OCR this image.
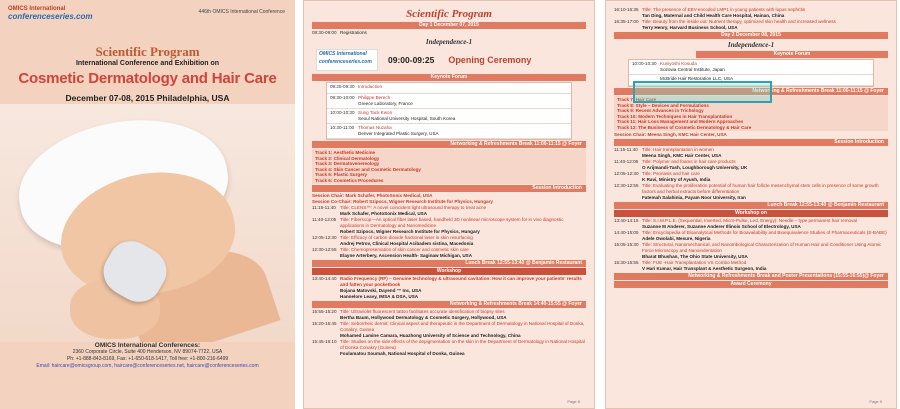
OMICS International
conferenceseries.com	446th OMICS International Conference
Scientific Program
International Conference and Exhibition on
Cosmetic Dermatology and Hair Care
December 07-08, 2015 Philadelphia, USA
OMICS International Conferences:
2360 Corporate Circle, Suite 400 Henderson, NV 89074-7722, USA
Ph: +1-888-843-8169, Fax: +1-650-618-1417, Toll free: +1-800-216-6499
Email: haircare@omicsgroup.com, haircare@conferenceseries.net, haircare@conferenceseries.com
Scientific Program
Day 1 December 07, 2015
08:30-09:00 Registrations
Independence-1
OMICS International
conferenceseries.com	09:00-09:25 Opening Ceremony
Keynote Forum
09:25-09:30 Introduction
09:30-10:00 Philippe Berech
Greece Laboratory, France
10:00-10:30 Sung Tack Kwon
Seoul National University Hospital, South Korea
10:30-11:00 Thomas Nuzaha
Denver Integrated Plastic Surgery, USA
Networking & Refreshments Break 11:00-11:15 @ Foyer
Track 1: Aesthetic Medicine
Track 2: Clinical Dermatology
Track 3: Dermatovenereology
Track 4: Skin Cancer and Cosmetic Dermatology
Track 5: Plastic Surgery
Track 6: Cosmetics Procedures
Session Introduction
Session Chair: Mark Schafer, PhotoSonix Medical, USA
Session Co-Chair: Robert Szipocs, Wigner Research Institute for Physics, Hungary
11:15-11:40 Title: CLENS™: A novel coincident light ultrasound therapy to treat acne
Mark Schafer, PhotoSonix Medical, USA
11:40-12:05 Title: Fiberscop—An optical fiber laser based, handheld 3D nonlinear microscope system for in vivo diagnostic applications in Dermatology and Nanomedicine
Robert Szipocs, Wigner Research Institute for Physics, Hungary
12:05-12:30 Title: Efficacy of carbon dioxide fractional laser in skin resurfacing
Andrej Petrov, Clinical Hospital Acibadem sistina, Macedonia
12:30-12:55 Title: Chemopreservation of skin cancer and cosmetic skin care
Elayne Arterbery, Ascension Health- Saginaw Michigan, USA
Lunch Break 12:55-13:40 @ Benjamin Restaurant
Workshop
13:40-14:40 Radio Frequency (RF) – Genuine technology & ultrasound cavitation: How it can improve your patients' results and fatten your pocketbook
Bojana Matovski, Dayend ™ Inc, USA
Hannelore Leavy, IMSA & DSA, USA
Networking & Refreshments Break 14:40-15:55 @ Foyer
15:55-15:20 Title: Ultraviolet fluorescent tattoo facilitates accurate identification of biopsy sites
Bertha Baum, Hollywood Dermatology & Cosmetic Surgery, Hollywood, USA
15:20-15:45 Title: Seborrheic dermit: Clinical aspect and therapeutic in the Department of Dermatology in National Hospital of Donka, Conakry, Guinea
Mohamed Lamine Camara, Huazhong University of Science and Technology, China
15:45-16:10 Title: Studies on the side effects of the depigmentation on the skin in the Department of Dermatology in National Hospital of Donka Conakry (Guinea)
Foulamatou Soumah, National Hospital of Donka, Guinea
Page 8
16:10-16:35 Title: The presence of EBV-encoded LMP1 in young patients with lupus nephritis
Tan Ding, Maternal and Child Health Care Hospital, Hainan, China
16:35-17:00 Title: Beauty from the inside out: Nutrient therapy, optimized skin health and increased wellness
Terry Henry, Harvard Business School, USA
Day 2 December 08, 2015
Independence-1
Keynote Forum
10:00-10:30 Kuniyoshi Kosuda
Sozowa Central Institute, Japan
McBride Hair Restoration LLC, USA
Networking & Refreshments Break 11:00-11:15 @ Foyer
Track 7: Hair Care
Track 8: Style – Devices and Formulations
Track 9: Recent Advances in Trichology
Track 10: Modern Techniques in Hair Transplantation
Track 11: Hair Loss Management and Modern Approaches
Track 12: The Business of Cosmetic Dermatology & Hair Care
Session Chair: Meena Singh, KMC Hair Center, USA
Session Introduction
11:15-11:40 Title: Hair transplantation in women
Meena Singh, KMC Hair Center, USA
11:40-12:05 Title: Polymer and foams in hair care products
O Arijmandi-Tash, Loughborough University, UK
12:05-12:30 Title: Psoriasis and hair care
K Ravi, Ministry of Ayush, India
12:30-12:55 Title: Evaluating the proliferation potential of human hair follicle mesenchymal stem cells in presence of some growth factors and herbal extracts before differentiation
Fatemah Salahinia, Payam Noor University, Iran
Lunch Break 12:55-13:40 @ Benjamin Restaurant
Workshop on
13:40-14:15 Title: S.I.M.P.L.E. (Sequential, Inverted, Micro-Pulse, Led, Energy): Needle – type permanent hair removal
Suzanne M Anderer, Suzanne Anderer Illinois School of Electrology, USA
14:40-15:05 Title: Encyclopedia of Bioanalytical Methods for Bioavailability and Bioequivalence Studies of Pharmaceuticals (E-BABE)
Adele Owolabi, Mesure, Nigeria
15:05-15:30 Title: Structural, Nanomechanical, and Nanotribological Characterization of Human Hair and Conditioner Using Atomic Force Microscopy and Nanoindentation
Bharat Bhushan, The Ohio State University, USA
15:30-15:55 Title: FUE -Hair Transplantation VS Combo Method
V Hari Kumar, Hair Transplant & Aesthetic Surgeon, India
Networking & Refreshments Break and Poster Presentations (15:55-16:55)@ Foyer
Award Ceremony
Page 9
